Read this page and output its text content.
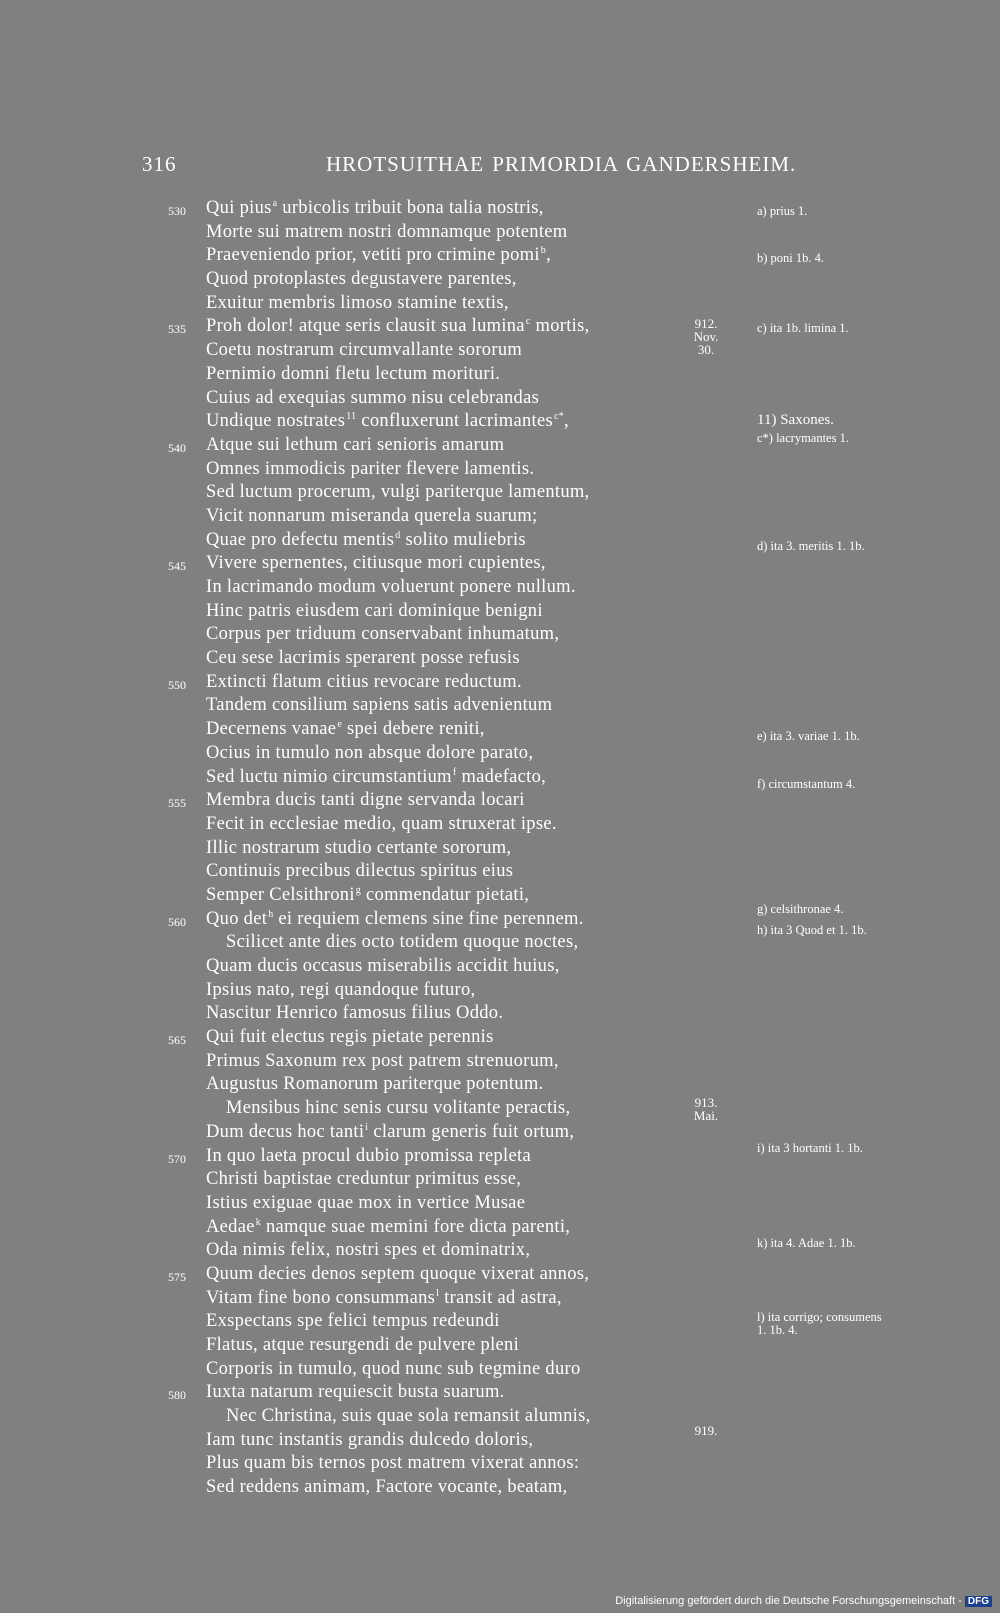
316	HROTSUITHAE PRIMORDIA GANDERSHEIM.
530 Qui pius$^a$ urbicolis tribuit bona talia nostris,
Morte sui matrem nostri domnamque potentem
Praeveniendo prior, vetiti pro crimine pomi$^b$,
Quod protoplastes degustavere parentes,
Exuitur membris limoso stamine textis,
535 Proh dolor! atque seris clausit sua lumina$^c$ mortis,
Coetu nostrarum circumvallante sororum
Pernimio domni fletu lectum morituri.
Cuius ad exequias summo nisu celebrandas
Undique nostrates$^{11}$ confluxerunt lacrimantes$^{c*}$,
540 Atque sui lethum cari senioris amarum
Omnes immodicis pariter flevere lamentis.
Sed luctum procerum, vulgi pariterque lamentum,
Vicit nonnarum miseranda querela suarum;
Quae pro defectu mentis$^d$ solito muliebris
545 Vivere spernentes, citiusque mori cupientes,
In lacrimando modum voluerunt ponere nullum.
Hinc patris eiusdem cari dominique benigni
Corpus per triduum conservabant inhumatum,
Ceu sese lacrimis sperarent posse refusis
550 Extincti flatum citius revocare reductum.
Tandem consilium sapiens satis advenientum
Decernens vanae$^e$ spei debere reniti,
Ocius in tumulo non absque dolore parato,
Sed luctu nimio circumstantium$^f$ madefacto,
555 Membra ducis tanti digne servanda locari
Fecit in ecclesiae medio, quam struxerat ipse.
Illic nostrarum studio certante sororum,
Continuis precibus dilectus spiritus eius
Semper Celsithroni$^g$ commendatur pietati,
560 Quo $\det^h$ ei requiem clemens sine fine perennem.
Scilicet ante dies octo totidem quoque noctes,
Quam ducis occasus miserabilis accidit huius,
Ipsius nato, regi quandoque futuro,
Nascitur Henrico famosus filius Oddo.
565 Qui fuit electus regis pietate perennis
Primus Saxonum rex post patrem strenuorum,
Augustus Romanorum pariterque potentum.
Mensibus hinc senis cursu volitante peractis,
Dum decus hoc tanti$^i$ clarum generis fuit ortum,
570 In quo laeta procul dubio promissa repleta
Christi baptistae creduntur primitus esse,
Istius exiguae quae mox in vertice Musae
Aedae$^k$ namque suae memini fore dicta parenti,
Oda nimis felix, nostri spes et dominatrix,
575 Quum decies denos septem quoque vixerat annos,
Vitam fine bono consummans$^l$ transit ad astra,
Exspectans spe felici tempus redeundi
Flatus, atque resurgendi de pulvere pleni
Corporis in tumulo, quod nunc sub tegmine duro
580 Iuxta natarum requiescit busta suarum.
Nec Christina, suis quae sola remansit alumnis,
Iam tunc instantis grandis dulcedo doloris,
Plus quam bis ternos post matrem vixerat annos:
Sed reddens animam, Factore vocante, beatam,
912.
Nov.
30.
913.
Mai.
919.
a) prius 1.
b) poni 1b. 4.
c) ita 1b. limina 1.
11) Saxones.
c*) lacrymantes 1.
d) ita 3. meritis 1. 1b.
e) ita 3. variae 1. 1b.
f) circumstantum 4.
g) celsithronae 4.
h) ita 3 Quod et 1. 1b.
i) ita 3 hortanti 1. 1b.
k) ita 4. Adae 1. 1b.
l) ita corrigo; consumens
1. 1b. 4.
Digitalisierung gefördert durch die Deutsche Forschungsgemeinschaft - DFG
